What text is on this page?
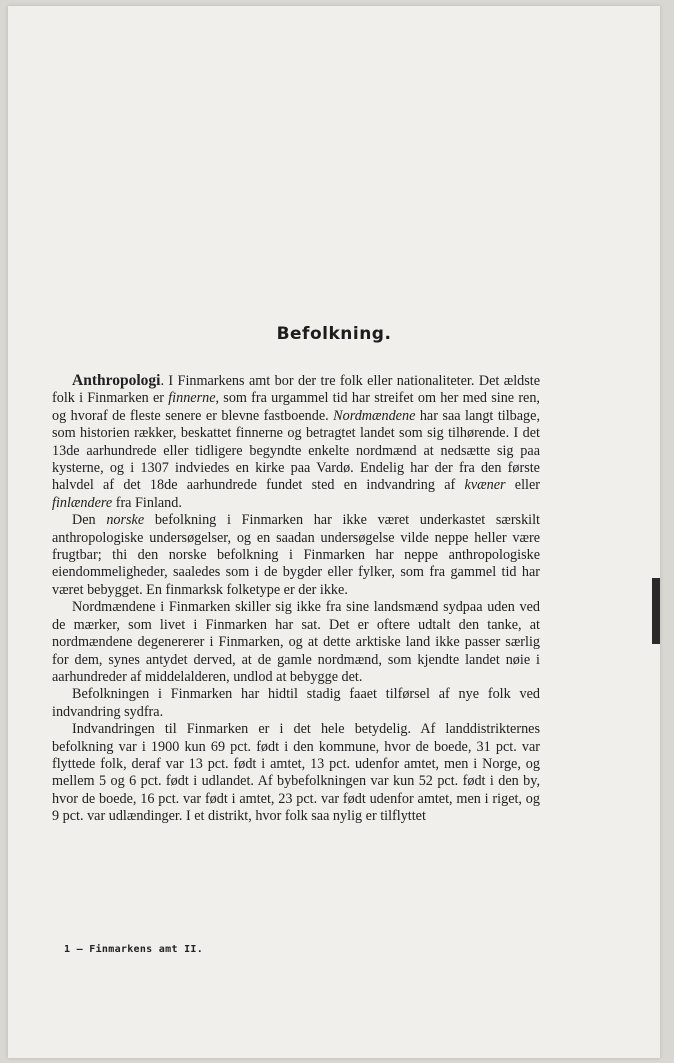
Befolkning.

Anthropologi. I Finmarkens amt bor der tre folk eller nationaliteter. Det ældste folk i Finmarken er finnerne, som fra urgammel tid har streifet om her med sine ren, og hvoraf de fleste senere er blevne fastboende. Nordmændene har saa langt tilbage, som historien rækker, beskattet finnerne og betragtet landet som sig tilhørende. I det 13de aarhundrede eller tidligere begyndte enkelte nordmænd at nedsætte sig paa kysterne, og i 1307 indviedes en kirke paa Vardø. Endelig har der fra den første halvdel af det 18de aarhundrede fundet sted en indvandring af kvæner eller finlændere fra Finland.

Den norske befolkning i Finmarken har ikke været underkastet særskilt anthropologiske undersøgelser, og en saadan undersøgelse vilde neppe heller være frugtbar; thi den norske befolkning i Finmarken har neppe anthropologiske eiendommeligheder, saaledes som i de bygder eller fylker, som fra gammel tid har været bebygget. En finmarksk folketype er der ikke.

Nordmændene i Finmarken skiller sig ikke fra sine landsmænd sydpaa uden ved de mærker, som livet i Finmarken har sat. Det er oftere udtalt den tanke, at nordmændene degenererer i Finmarken, og at dette arktiske land ikke passer særlig for dem, synes antydet derved, at de gamle nordmænd, som kjendte landet nøie i aarhundreder af middelalderen, undlod at bebygge det.

Befolkningen i Finmarken har hidtil stadig faaet tilførsel af nye folk ved indvandring sydfra.

Indvandringen til Finmarken er i det hele betydelig. Af landdistrikternes befolkning var i 1900 kun 69 pct. født i den kommune, hvor de boede, 31 pct. var flyttede folk, deraf var 13 pct. født i amtet, 13 pct. udenfor amtet, men i Norge, og mellem 5 og 6 pct. født i udlandet. Af bybefolkningen var kun 52 pct. født i den by, hvor de boede, 16 pct. var født i amtet, 23 pct. var født udenfor amtet, men i riget, og 9 pct. var udlændinger. I et distrikt, hvor folk saa nylig er tilflyttet

1 — Finmarkens amt II.
